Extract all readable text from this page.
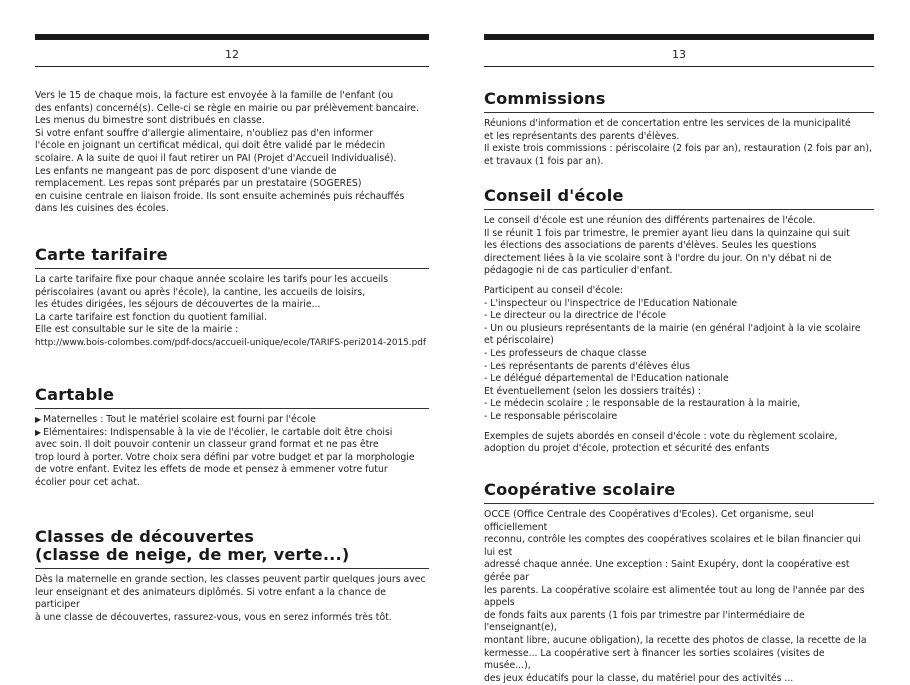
12
Vers le 15 de chaque mois, la facture est envoyée à la famille de l'enfant (ou
des enfants) concerné(s). Celle-ci se règle en mairie ou par prélèvement bancaire.
Les menus du bimestre sont distribués en classe.
Si votre enfant souffre d'allergie alimentaire, n'oubliez pas d'en informer
l'école en joignant un certificat médical, qui doit être validé par le médecin
scolaire. A la suite de quoi il faut retirer un PAI (Projet d'Accueil Individualisé).
Les enfants ne mangeant pas de porc disposent d'une viande de
remplacement. Les repas sont préparés par un prestataire (SOGERES)
en cuisine centrale en liaison froide. Ils sont ensuite acheminés puis réchauffés
dans les cuisines des écoles.
Carte tarifaire
La carte tarifaire fixe pour chaque année scolaire les tarifs pour les accueils
périscolaires (avant ou après l'école), la cantine, les accueils de loisirs,
les études dirigées, les séjours de découvertes de la mairie...
La carte tarifaire est fonction du quotient familial.
Elle est consultable sur le site de la mairie :
http://www.bois-colombes.com/pdf-docs/accueil-unique/ecole/TARIFS-peri2014-2015.pdf
Cartable
▶ Maternelles : Tout le matériel scolaire est fourni par l'école
▶ Elémentaires: Indispensable à la vie de l'écolier, le cartable doit être choisi
avec soin. Il doit pouvoir contenir un classeur grand format et ne pas être
trop lourd à porter. Votre choix sera défini par votre budget et par la morphologie
de votre enfant. Evitez les effets de mode et pensez à emmener votre futur
écolier pour cet achat.
Classes de découvertes
(classe de neige, de mer, verte...)
Dès la maternelle en grande section, les classes peuvent partir quelques jours avec
leur enseignant et des animateurs diplômés. Si votre enfant a la chance de participer
à une classe de découvertes, rassurez-vous, vous en serez informés très tôt.
13
Commissions
Réunions d'information et de concertation entre les services de la municipalité
et les représentants des parents d'élèves.
Il existe trois commissions : périscolaire (2 fois par an), restauration (2 fois par an),
et travaux (1 fois par an).
Conseil d'école
Le conseil d'école est une réunion des différents partenaires de l'école.
Il se réunit 1 fois par trimestre, le premier ayant lieu dans la quinzaine qui suit
les élections des associations de parents d'élèves. Seules les questions
directement liées à la vie scolaire sont à l'ordre du jour. On n'y débat ni de
pédagogie ni de cas particulier d'enfant.
Participent au conseil d'école:
- L'inspecteur ou l'inspectrice de l'Education Nationale
- Le directeur ou la directrice de l'école
- Un ou plusieurs représentants de la mairie (en général l'adjoint à la vie scolaire
et périscolaire)
- Les professeurs de chaque classe
- Les représentants de parents d'élèves élus
- Le délégué départemental de l'Education nationale
Et éventuellement (selon les dossiers traités) :
- Le médecin scolaire ; le responsable de la restauration à la mairie,
- Le responsable périscolaire
Exemples de sujets abordés en conseil d'école : vote du règlement scolaire,
adoption du projet d'école, protection et sécurité des enfants
Coopérative scolaire
OCCE (Office Centrale des Coopératives d'Ecoles). Cet organisme, seul officiellement
reconnu, contrôle les comptes des coopératives scolaires et le bilan financier qui lui est
adressé chaque année. Une exception : Saint Exupéry, dont la coopérative est gérée par
les parents. La coopérative scolaire est alimentée tout au long de l'année par des appels
de fonds faits aux parents (1 fois par trimestre par l'intermédiaire de l'enseignant(e),
montant libre, aucune obligation), la recette des photos de classe, la recette de la
kermesse... La coopérative sert à financer les sorties scolaires (visites de musée...),
des jeux éducatifs pour la classe, du matériel pour des activités ...
